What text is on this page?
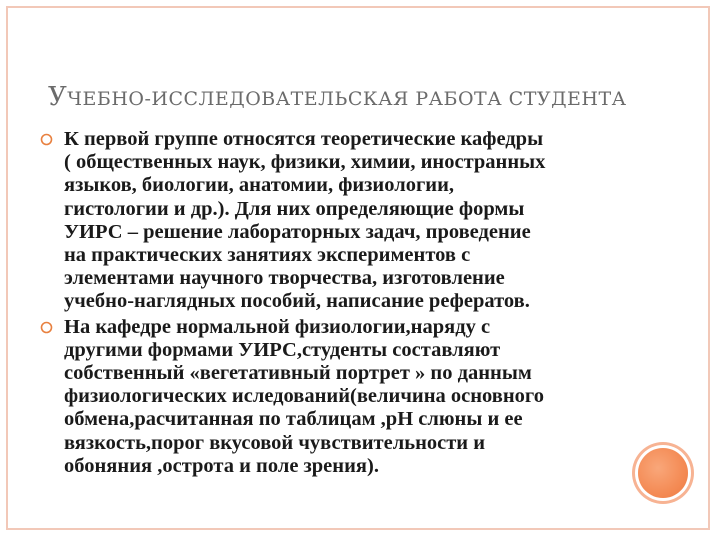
УЧЕБНО-ИССЛЕДОВАТЕЛЬСКАЯ РАБОТА СТУДЕНТА
К первой группе относятся теоретические кафедры
( общественных наук, физики, химии, иностранных
языков, биологии, анатомии, физиологии,
гистологии и др.). Для них определяющие формы
УИРС – решение лабораторных задач, проведение
на практических занятиях экспериментов с
элементами научного творчества, изготовление
учебно-наглядных пособий, написание рефератов.
На кафедре нормальной физиологии,наряду с
другими формами УИРС,студенты составляют
собственный «вегетативный портрет » по данным
физиологических иследований(величина основного
обмена,расчитанная по таблицам ,рН слюны и ее
вязкость,порог вкусовой чувствительности и
обоняния ,острота и поле зрения).
